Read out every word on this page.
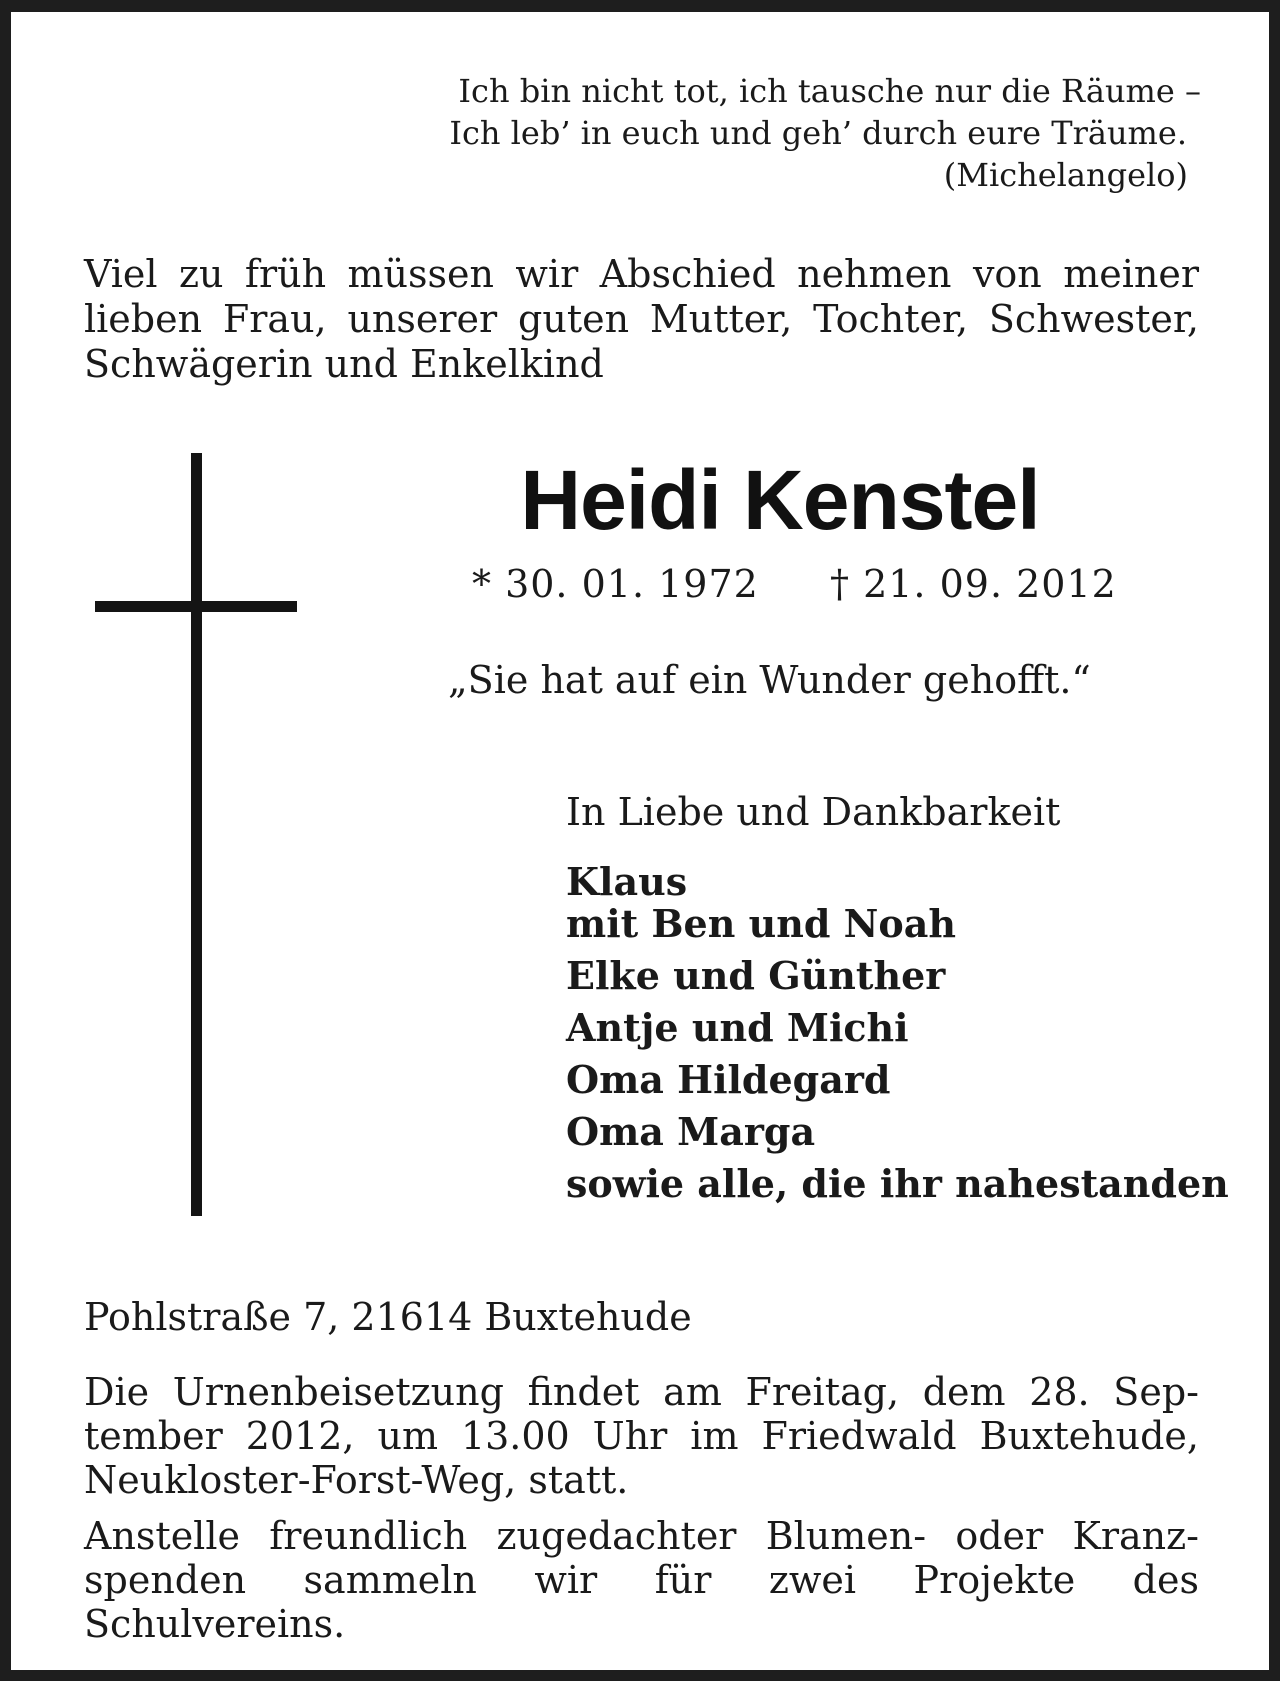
Ich bin nicht tot, ich tausche nur die Räume –
Ich leb’ in euch und geh’ durch eure Träume.
(Michelangelo)
Viel zu früh müssen wir Abschied nehmen von meiner
lieben Frau, unserer guten Mutter, Tochter, Schwester,
Schwägerin und Enkelkind
Heidi Kenstel
* 30. 01. 1972 † 21. 09. 2012
„Sie hat auf ein Wunder gehofft.“
In Liebe und Dankbarkeit
Klaus
mit Ben und Noah
Elke und Günther
Antje und Michi
Oma Hildegard
Oma Marga
sowie alle, die ihr nahestanden
Pohlstraße 7, 21614 Buxtehude
Die Urnenbeisetzung findet am Freitag, dem 28. Sep-
tember 2012, um 13.00 Uhr im Friedwald Buxtehude,
Neukloster-Forst-Weg, statt.
Anstelle freundlich zugedachter Blumen- oder Kranz-
spenden sammeln wir für zwei Projekte des Schulvereins.
